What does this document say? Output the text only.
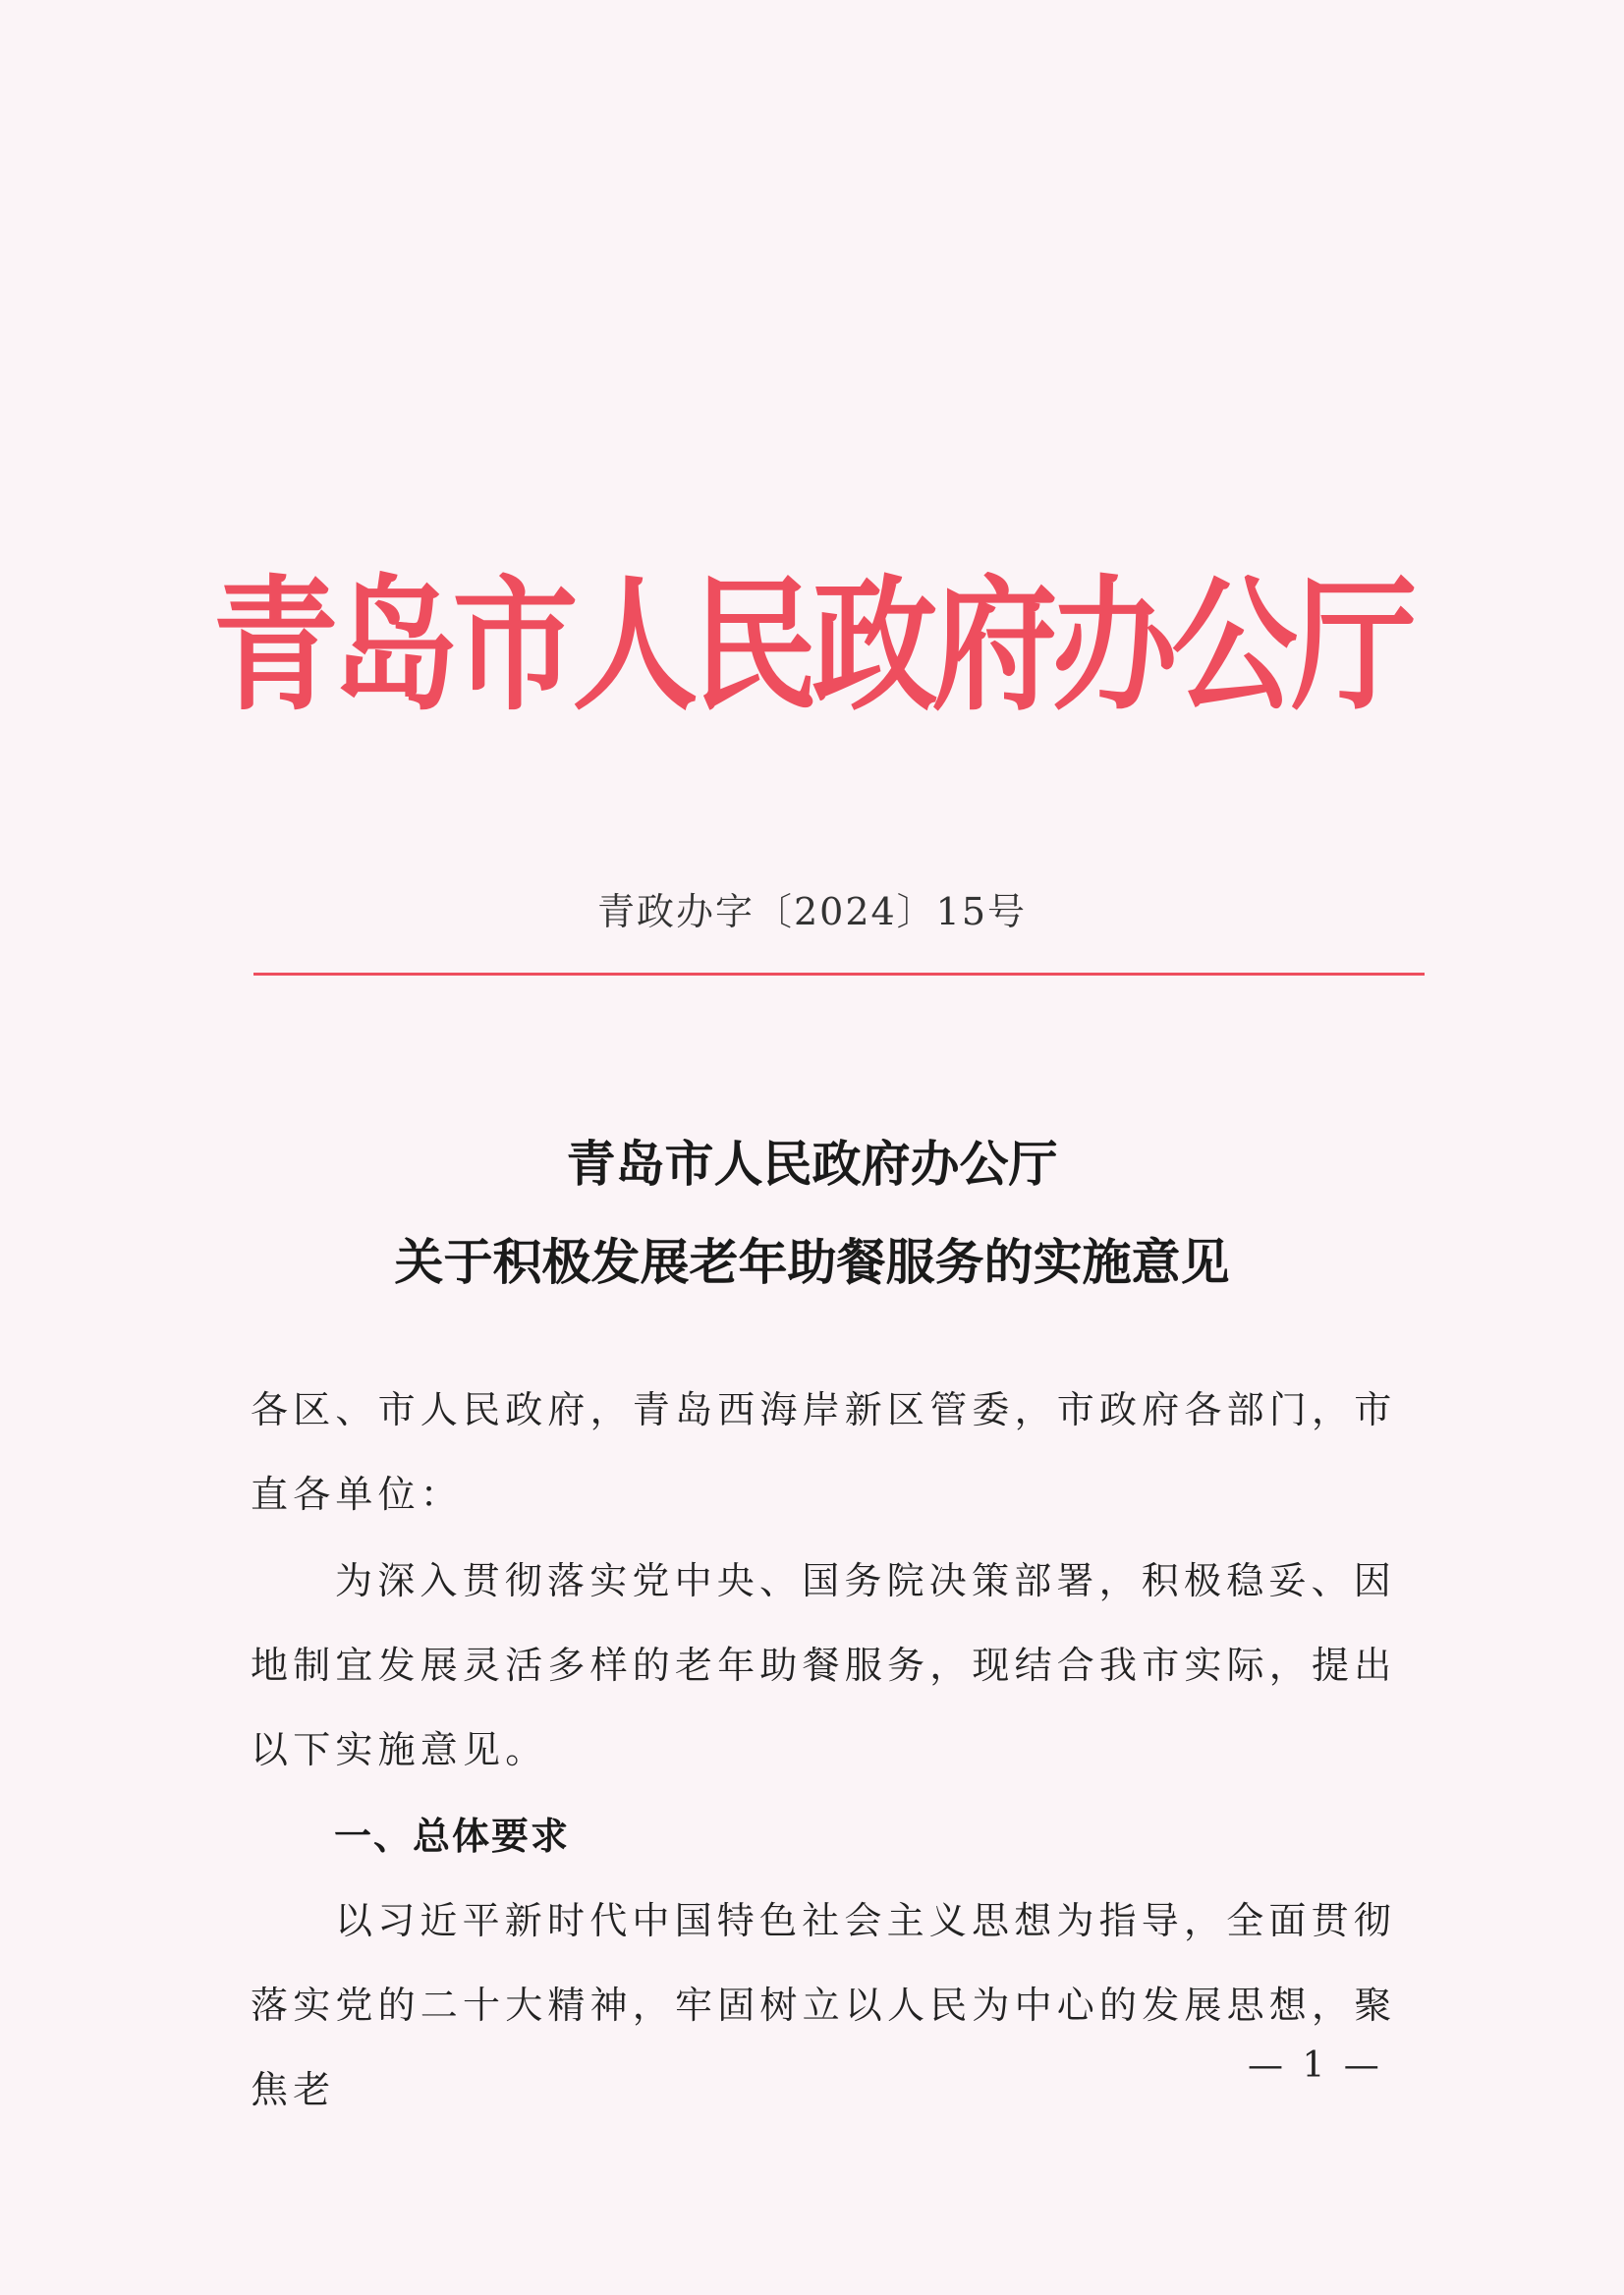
青岛市人民政府办公厅
青政办字〔2024〕15号
青岛市人民政府办公厅
关于积极发展老年助餐服务的实施意见
各区、市人民政府，青岛西海岸新区管委，市政府各部门，市直各单位：
为深入贯彻落实党中央、国务院决策部署，积极稳妥、因地制宜发展灵活多样的老年助餐服务，现结合我市实际，提出以下实施意见。
一、总体要求
以习近平新时代中国特色社会主义思想为指导，全面贯彻落实党的二十大精神，牢固树立以人民为中心的发展思想，聚焦老
— 1 —
